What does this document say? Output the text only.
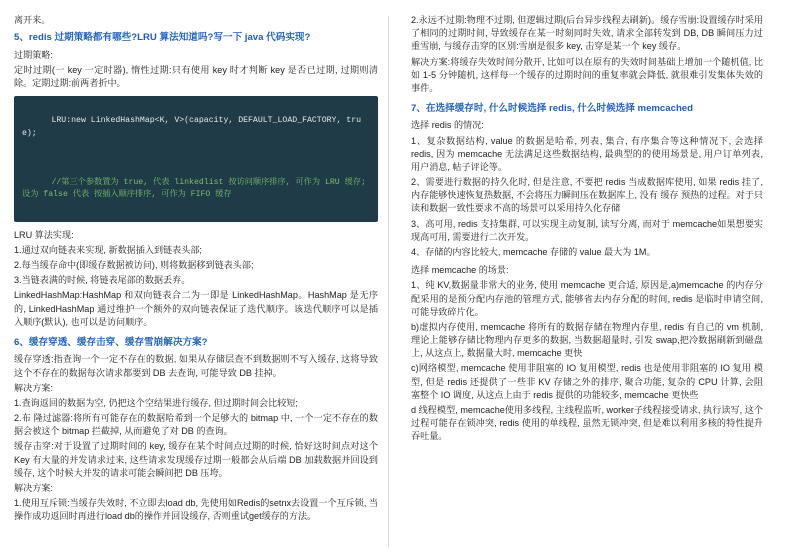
离开来。

5、redis 过期策略都有哪些?LRU 算法知道吗?写一下 java 代码实现?

过期策略:

定时过期(一 key 一定时器), 惰性过期:只有使用 key 时才判断 key 是否已过期, 过期则清除。定期过期:前两者折中。

LRU:new LinkedHashMap<K, V>(capacity, DEFAULT_LOAD_FACTORY, true);

//第三个参数置为 true, 代表 linkedlist 按访问顺序排序, 可作为 LRU 缓存;设为 false 代表 按插入顺序排序, 可作为 FIFO 缓存

LRU 算法实现:

1.通过双向链表来实现, 新数据插入到链表头部;

2.每当缓存命中(即缓存数据被访问), 则将数据移到链表头部;

3.当链表满的时候, 将链表尾部的数据丢弃。

LinkedHashMap:HashMap 和双向链表合二为一即是 LinkedHashMap。HashMap 是无序的, LinkedHashMap 通过维护一个额外的双向链表保证了迭代顺序。该迭代顺序可以是插入顺序(默认), 也可以是访问顺序。

6、缓存穿透、缓存击穿、缓存雪崩解决方案?

缓存穿透:指查询一个一定不存在的数据, 如果从存储层查不到数据则不写入缓存, 这将导致这个不存在的数据每次请求都要到 DB 去查询, 可能导致 DB 挂掉。

解决方案:

1.查询返回的数据为空, 仍把这个空结果进行缓存, 但过期时间会比较短;

2.布 隆过滤器:将所有可能存在的数据哈希到一个足够大的 bitmap 中, 一个一定不存在的数据会被这个 bitmap 拦截掉, 从而避免了对 DB 的查询。

缓存击穿:对于设置了过期时间的 key, 缓存在某个时间点过期的时候, 恰好这时间点对这个 Key 有大量的并发请求过来, 这些请求发现缓存过期一般都会从后端 DB 加载数据并回设到缓存, 这个时候大并发的请求可能会瞬间把 DB 压垮。

解决方案:

1.使用互斥锁:当缓存失效时, 不立即去load db, 先使用如Redis的setnx去设置一个互斥锁, 当操作成功返回时再进行load db的操作并回设缓存, 否则重试get缓存的方法。

2.永远不过期:物理不过期, 但逻辑过期(后台异步线程去刷新)。缓存雪崩:设置缓存时采用了相同的过期时间, 导致缓存在某一时刻同时失效, 请求全部转发到 DB, DB 瞬间压力过重雪崩, 与缓存击穿的区别:雪崩是很多 key, 击穿是某一个 key 缓存。

解决方案:将缓存失效时间分散开, 比如可以在原有的失效时间基础上增加一个随机值, 比如 1-5 分钟随机, 这样每一个缓存的过期时间的重复率就会降低, 就很难引发集体失效的事件。

7、在选择缓存时, 什么时候选择 redis, 什么时候选择 memcached

选择 redis 的情况:

1、复杂数据结构, value 的数据是哈希, 列表, 集合, 有序集合等这种情况下, 会选择 redis, 因为 memcache 无法满足这些数据结构, 最典型的的使用场景是, 用户订单列表, 用户消息, 帖子评论等。

2、需要进行数据的持久化时, 但是注意, 不要把 redis 当成数据库使用, 如果 redis 挂了, 内存能够快速恢复热数据, 不会将压力瞬间压在数据库上, 没有 缓存 预热的过程。对于只读和数据一致性要求不高的场景可以采用持久化存储

3、高可用, redis 支持集群, 可以实现主动复制, 读写分离, 而对于 memcache如果想要实现高可用, 需要进行二次开发。

4、存储的内容比较大, memcache 存储的 value 最大为 1M。

选择 memcache 的场景:

1、纯 KV,数据量非常大的业务, 使用 memcache 更合适, 原因是,a)memcache 的内存分配采用的是预分配内存池的管理方式, 能够省去内存分配的时间, redis 是临时申请空间, 可能导致碎片化。

b)虚拟内存使用, memcache 将所有的数据存储在物理内存里, redis 有自己的 vm 机制, 理论上能够存储比物理内存更多的数据, 当数据超量时, 引发 swap,把冷数据刷新到磁盘上, 从这点上, 数据量大时, memcache 更快

c)网络模型, memcache 使用非阻塞的 IO 复用模型, redis 也是使用非阻塞的 IO 复用 模型, 但是 redis 还提供了一些非 KV 存储之外的排序, 聚合功能, 复杂的 CPU 计算, 会阻 塞整个 IO 调度, 从这点上由于 redis 提供的功能较多, memcache 更快些

d 线程模型, memcache使用多线程, 主线程监听, worker子线程接受请求, 执行读写, 这个过程可能存在锁冲突, redis 使用的单线程, 虽然无锁冲突, 但是难以利用多核的特性提升吞吐量。
